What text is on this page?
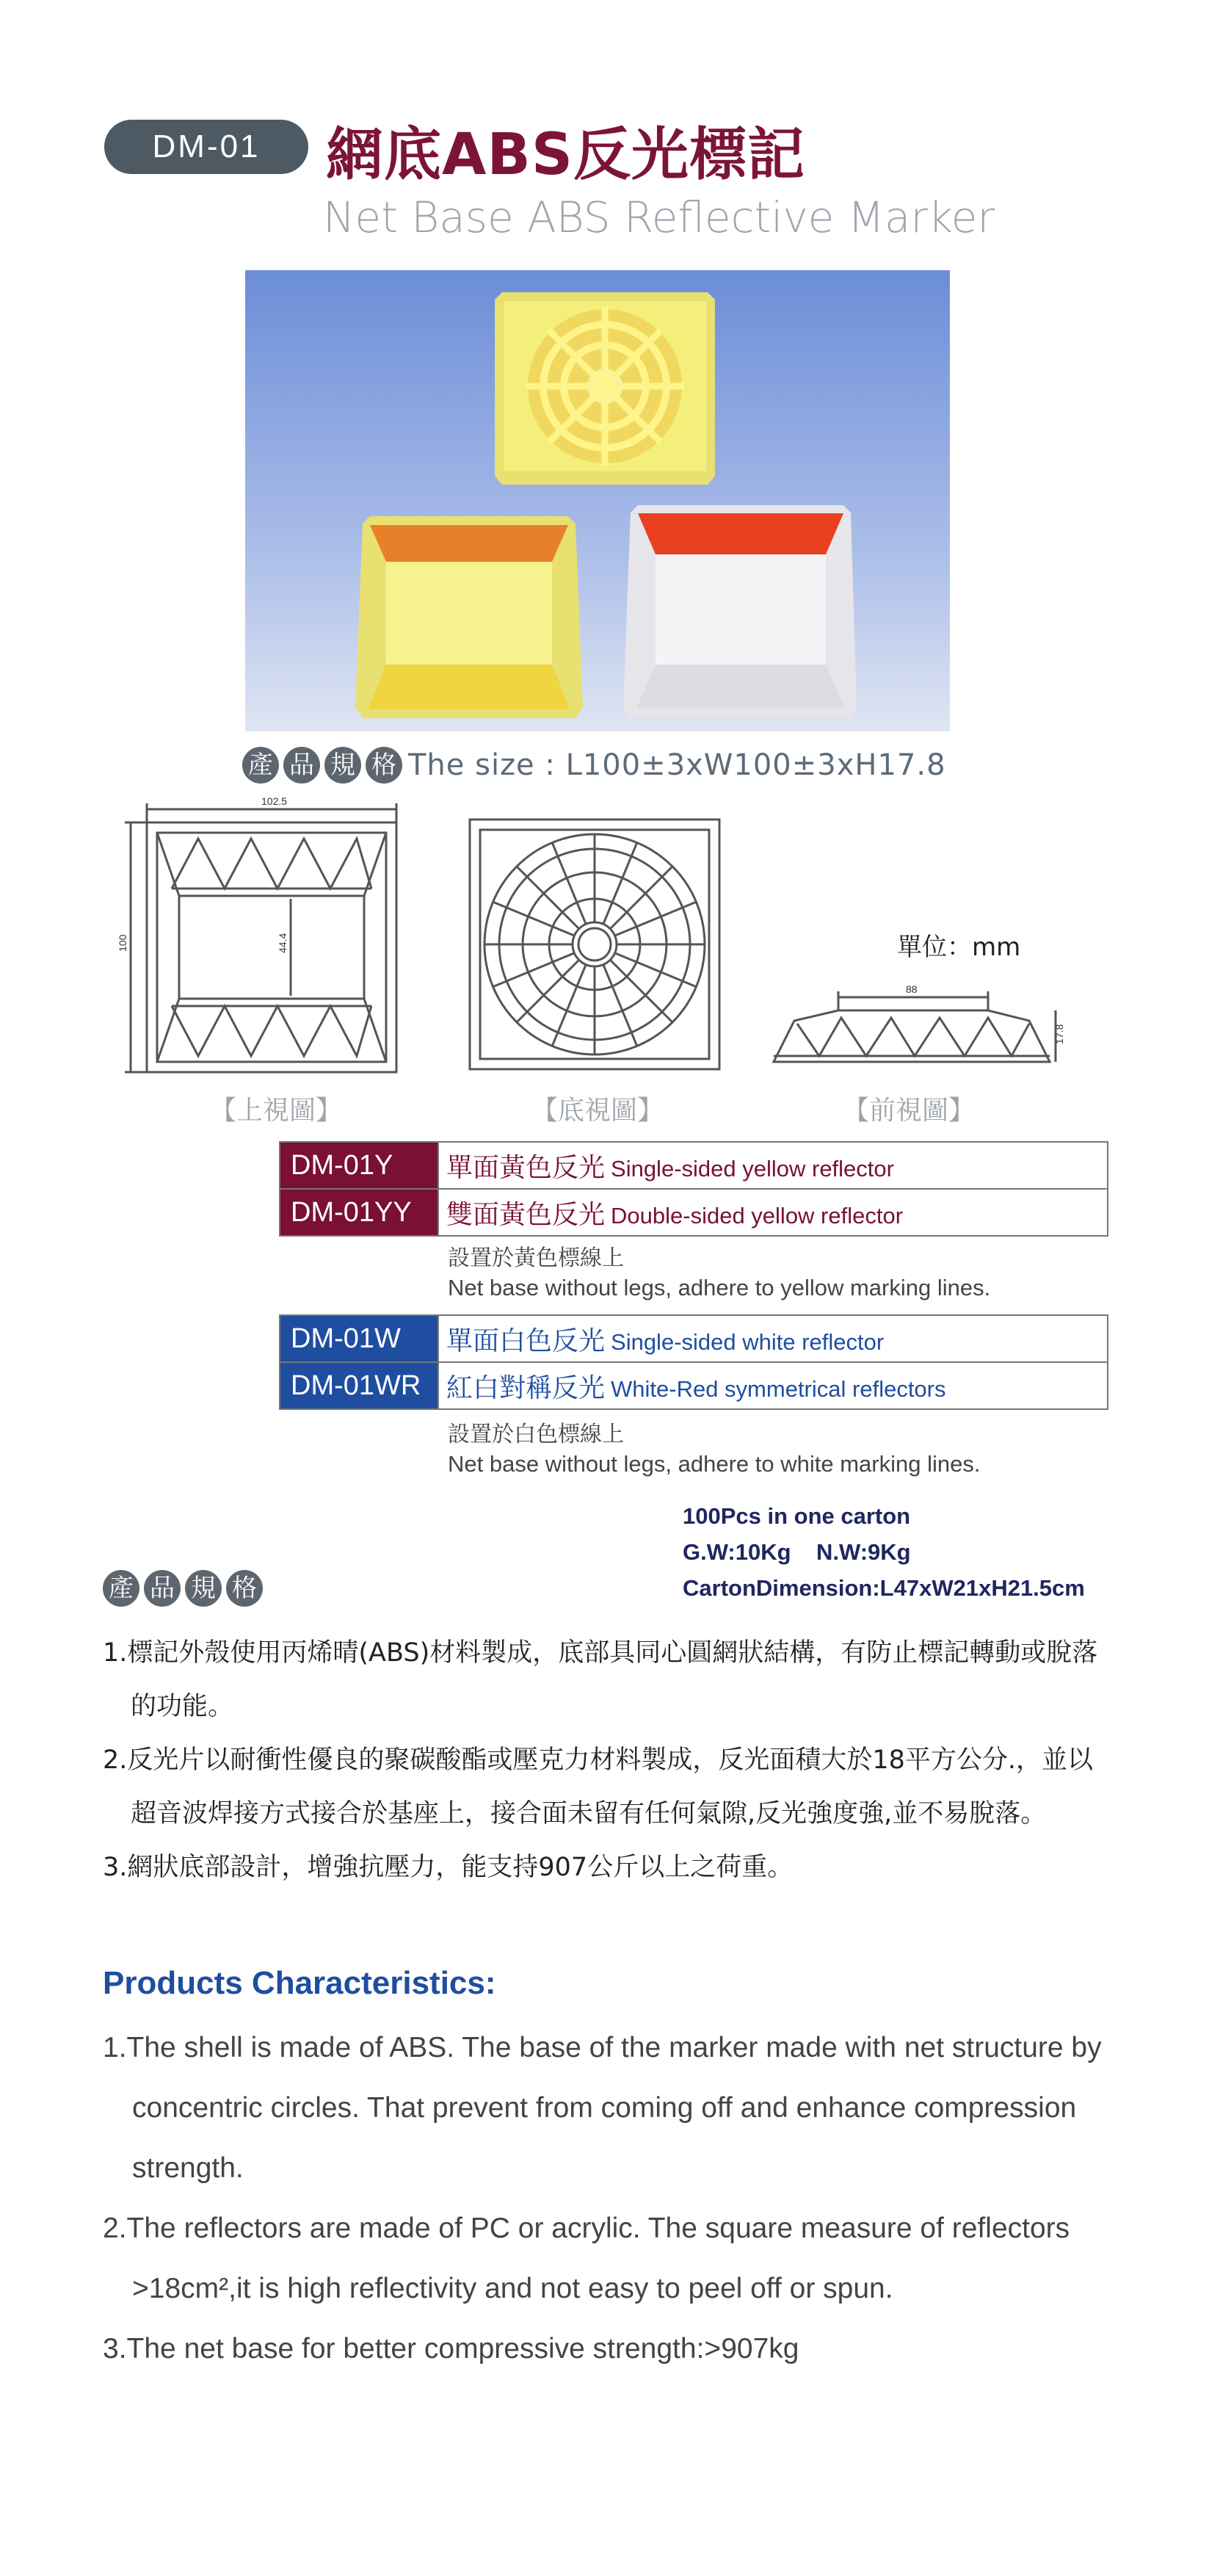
DM-01	網底ABS反光標記
Net Base ABS Reflective Marker
產 品 規 格 The size : L100±3xW100±3xH17.8
102.5
100	44.4	單位：mm
88
17.8
【上視圖】	【底視圖】	【前視圖】
DM-01Y	單面黃色反光 Single-sided yellow reflector
DM-01YY	雙面黃色反光 Double-sided yellow reflector
設置於黃色標線上
Net base without legs, adhere to yellow marking lines.
DM-01W	單面白色反光 Single-sided white reflector
DM-01WR	紅白對稱反光 White-Red symmetrical reflectors
設置於白色標線上
Net base without legs, adhere to white marking lines.
100Pcs in one carton
G.W:10Kg    N.W:9Kg
CartonDimension:L47xW21xH21.5cm
產 品 規 格

1.標記外殼使用丙烯晴(ABS)材料製成，底部具同心圓網狀結構，有防止標記轉動或脫落的功能。

2.反光片以耐衝性優良的聚碳酸酯或壓克力材料製成，反光面積大於18平方公分.，並以超音波焊接方式接合於基座上，接合面未留有任何氣隙,反光強度強,並不易脫落。

3.網狀底部設計，增強抗壓力，能支持907公斤以上之荷重。

Products Characteristics:

1.The shell is made of ABS. The base of the marker made with net structure by concentric circles. That prevent from coming off and enhance compression strength.

2.The reflectors are made of PC or acrylic. The square measure of reflectors >18cm²,it is high reflectivity and not easy to peel off or spun.

3.The net base for better compressive strength:>907kg
